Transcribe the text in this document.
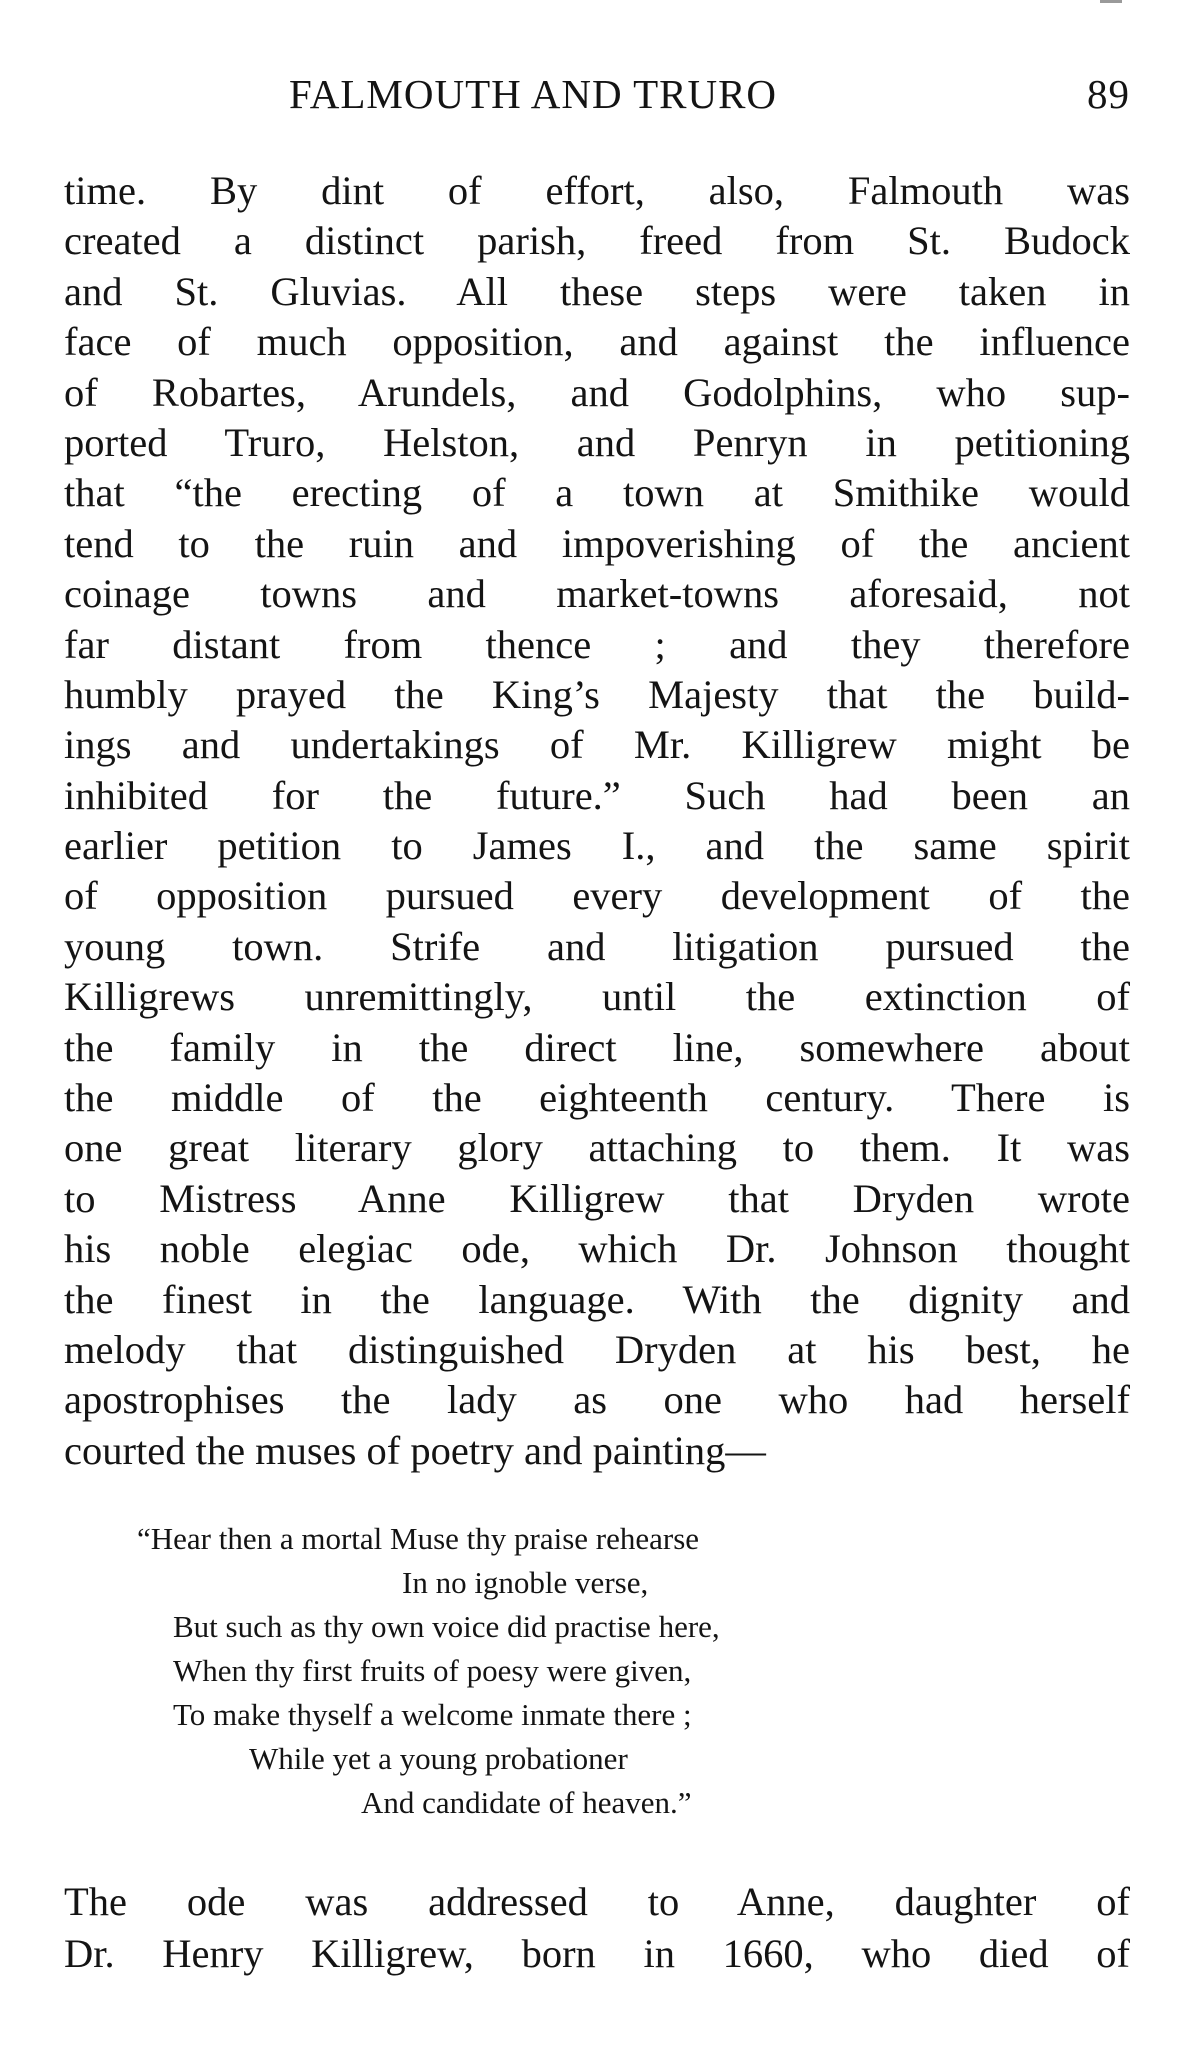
FALMOUTH AND TRURO	89
time. By dint of effort, also, Falmouth was
created a distinct parish, freed from St. Budock
and St. Gluvias. All these steps were taken in
face of much opposition, and against the influence
of Robartes, Arundels, and Godolphins, who sup-
ported Truro, Helston, and Penryn in petitioning
that “the erecting of a town at Smithike would
tend to the ruin and impoverishing of the ancient
coinage towns and market-towns aforesaid, not
far distant from thence ; and they therefore
humbly prayed the King’s Majesty that the build-
ings and undertakings of Mr. Killigrew might be
inhibited for the future.” Such had been an
earlier petition to James I., and the same spirit
of opposition pursued every development of the
young town. Strife and litigation pursued the
Killigrews unremittingly, until the extinction of
the family in the direct line, somewhere about
the middle of the eighteenth century. There is
one great literary glory attaching to them. It was
to Mistress Anne Killigrew that Dryden wrote
his noble elegiac ode, which Dr. Johnson thought
the finest in the language. With the dignity and
melody that distinguished Dryden at his best, he
apostrophises the lady as one who had herself
courted the muses of poetry and painting—
“Hear then a mortal Muse thy praise rehearse
In no ignoble verse,
But such as thy own voice did practise here,
When thy first fruits of poesy were given,
To make thyself a welcome inmate there ;
While yet a young probationer
And candidate of heaven.”
The ode was addressed to Anne, daughter of
Dr. Henry Killigrew, born in 1660, who died of
